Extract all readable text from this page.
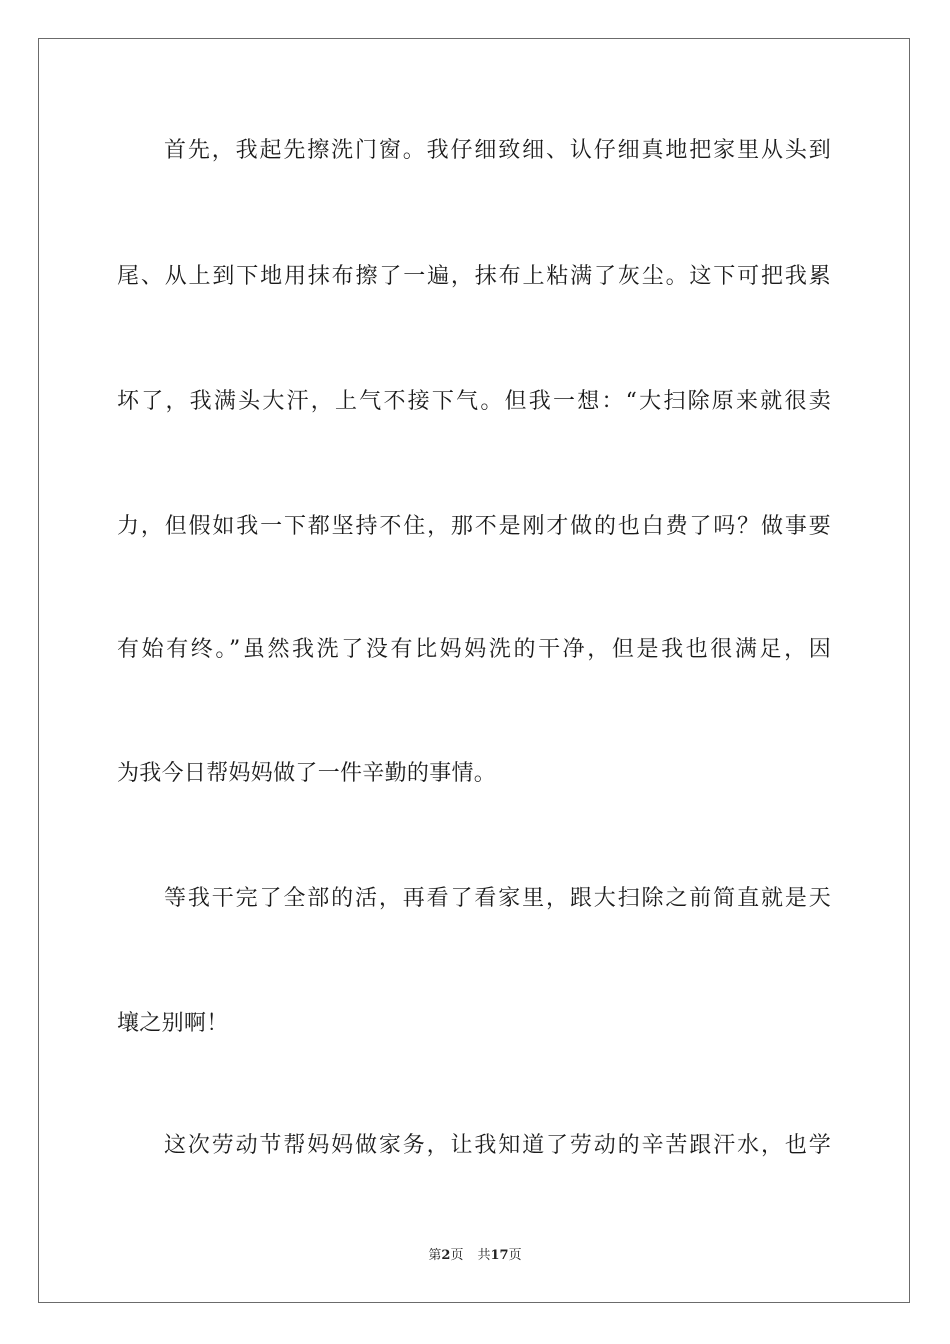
首先，我起先擦洗门窗。我仔细致细、认仔细真地把家里从头到
尾、从上到下地用抹布擦了一遍，抹布上粘满了灰尘。这下可把我累
坏了，我满头大汗，上气不接下气。但我一想：“大扫除原来就很卖
力，但假如我一下都坚持不住，那不是刚才做的也白费了吗？做事要
有始有终。”虽然我洗了没有比妈妈洗的干净，但是我也很满足，因
为我今日帮妈妈做了一件辛勤的事情。
等我干完了全部的活，再看了看家里，跟大扫除之前简直就是天
壤之别啊！
这次劳动节帮妈妈做家务，让我知道了劳动的辛苦跟汗水，也学
第2页 共17页
